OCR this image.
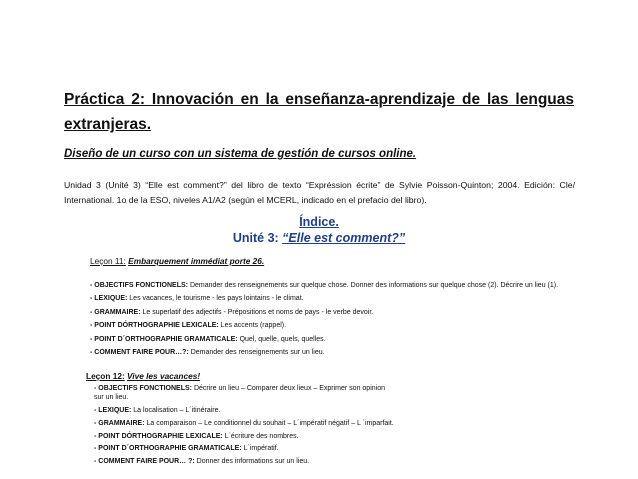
Práctica 2: Innovación en la enseñanza-aprendizaje de las lenguas extranjeras.
Diseño de un curso con un sistema de gestión de cursos online.
Unidad 3 (Unité 3) “Elle est comment?” del libro de texto “Expréssion écrite” de Sylvie Poisson-Quinton; 2004. Edición: Cle/ International. 1o de la ESO, niveles A1/A2 (según el MCERL, indicado en el prefacio del libro).
Índice.
Unité 3: “Elle est comment?”
Leçon 11: Embarquement immédiat porte 26.
- OBJECTIFS FONCTIONELS: Demander des renseignements sur quelque chose. Donner des informations sur quelque chose (2). Décrire un lieu (1).
- LEXIQUE: Les vacances, le tourisme - les pays lointains - le climat.
- GRAMMAIRE: Le superlatif des adjectifs - Prépositions et noms de pays - le verbe devoir.
- POINT DÓRTHOGRAPHIE LEXICALE: Les accents (rappel).
- POINT D´ORTHOGRAPHIE GRAMATICALE: Quel, quelle, quels, quelles.
- COMMENT FAIRE POUR…?: Demander des renseignements sur un lieu.
Leçon 12: Vive les vacances!
- OBJECTIFS FONCTIONELS: Décrire un lieu – Comparer deux lieux – Exprimer son opinion sur un lieu.
- LEXIQUE: La localisation – L´itinéraire.
- GRAMMAIRE: La comparaison – Le conditionnel du souhait – L´impératif négatif – L ´imparfait.
- POINT DÓRTHOGRAPHIE LEXICALE: L´écriture des nombres.
- POINT D´ORTHOGRAPHIE GRAMATICALE: L´impératif.
- COMMENT FAIRE POUR… ?: Donner des informations sur un lieu.
